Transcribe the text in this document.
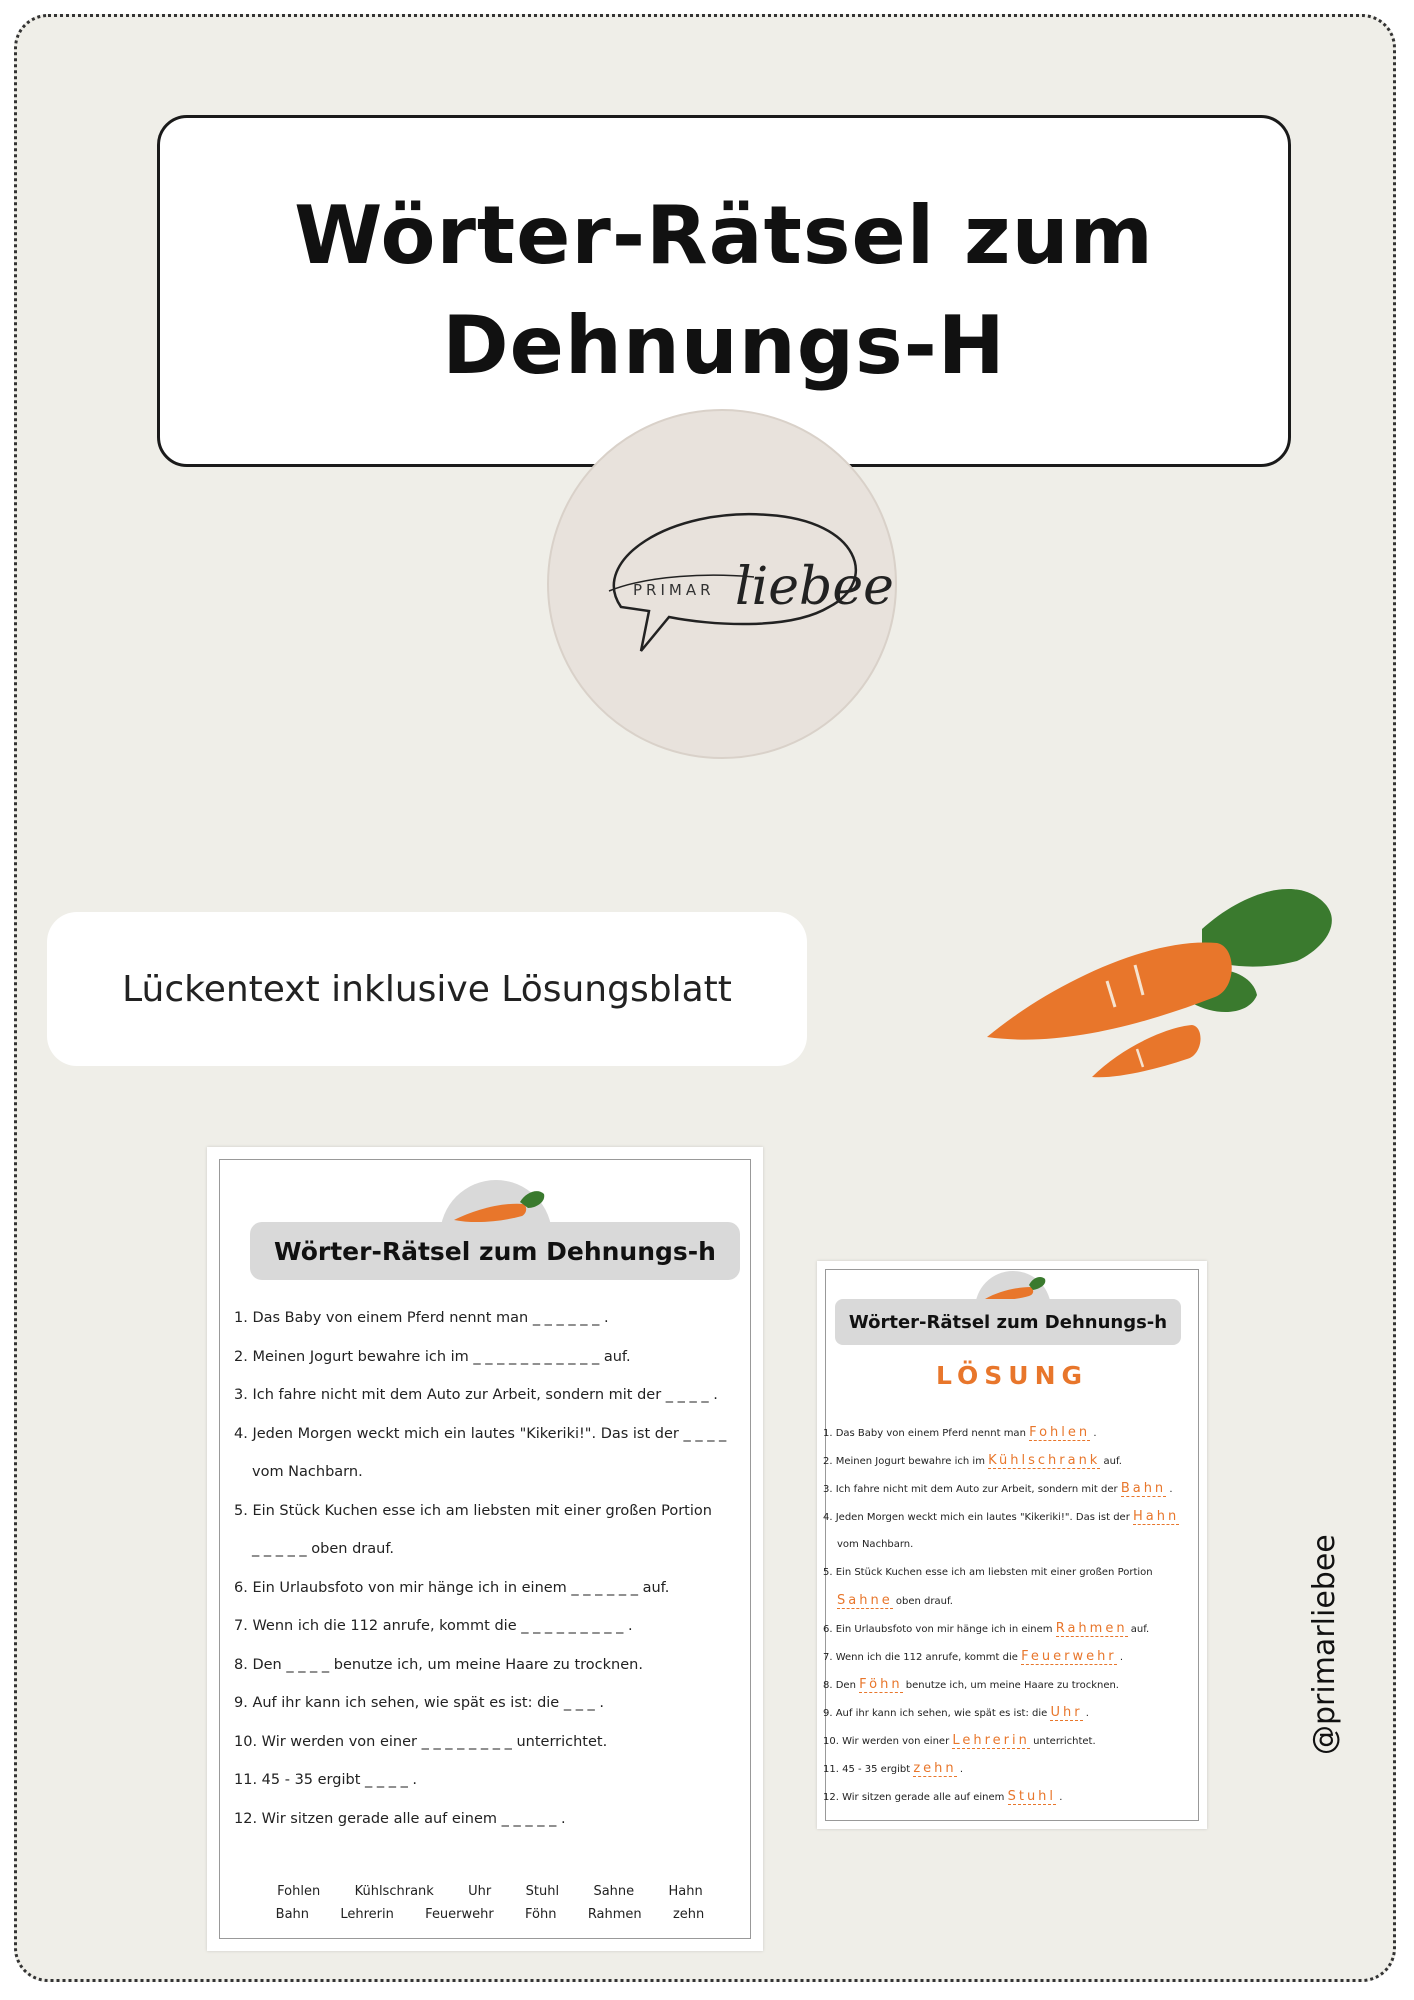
Wörter-Rätsel zum
Dehnungs-H
PRIMAR liebee
Lückentext inklusive Lösungsblatt
Wörter-Rätsel zum Dehnungs-h
1. Das Baby von einem Pferd nennt man _ _ _ _ _ _ .
2. Meinen Jogurt bewahre ich im _ _ _ _ _ _ _ _ _ _ _ auf.
3. Ich fahre nicht mit dem Auto zur Arbeit, sondern mit der _ _ _ _ .
4. Jeden Morgen weckt mich ein lautes "Kikeriki!". Das ist der _ _ _ _
vom Nachbarn.
5. Ein Stück Kuchen esse ich am liebsten mit einer großen Portion
_ _ _ _ _ oben drauf.
6. Ein Urlaubsfoto von mir hänge ich in einem _ _ _ _ _ _ auf.
7. Wenn ich die 112 anrufe, kommt die _ _ _ _ _ _ _ _ _ .
8. Den _ _ _ _ benutze ich, um meine Haare zu trocknen.
9. Auf ihr kann ich sehen, wie spät es ist: die _ _ _ .
10. Wir werden von einer _ _ _ _ _ _ _ _ unterrichtet.
11. 45 - 35 ergibt _ _ _ _ .
12. Wir sitzen gerade alle auf einem _ _ _ _ _ .
Fohlen	Kühlschrank	Uhr	Stuhl	Sahne	Hahn
Bahn Lehrerin Feuerwehr Föhn Rahmen zehn
Wörter-Rätsel zum Dehnungs-h
LÖSUNG
1. Das Baby von einem Pferd nennt man Fohlen .
2. Meinen Jogurt bewahre ich im Kühlschrank auf.
3. Ich fahre nicht mit dem Auto zur Arbeit, sondern mit der Bahn .
4. Jeden Morgen weckt mich ein lautes "Kikeriki!". Das ist der Hahn
vom Nachbarn.
5. Ein Stück Kuchen esse ich am liebsten mit einer großen Portion
Sahne oben drauf.
6. Ein Urlaubsfoto von mir hänge ich in einem Rahmen auf.
7. Wenn ich die 112 anrufe, kommt die Feuerwehr .
8. Den Föhn benutze ich, um meine Haare zu trocknen.
9. Auf ihr kann ich sehen, wie spät es ist: die Uhr .
10. Wir werden von einer Lehrerin unterrichtet.
11. 45 - 35 ergibt zehn .
12. Wir sitzen gerade alle auf einem Stuhl .
@primarliebee
